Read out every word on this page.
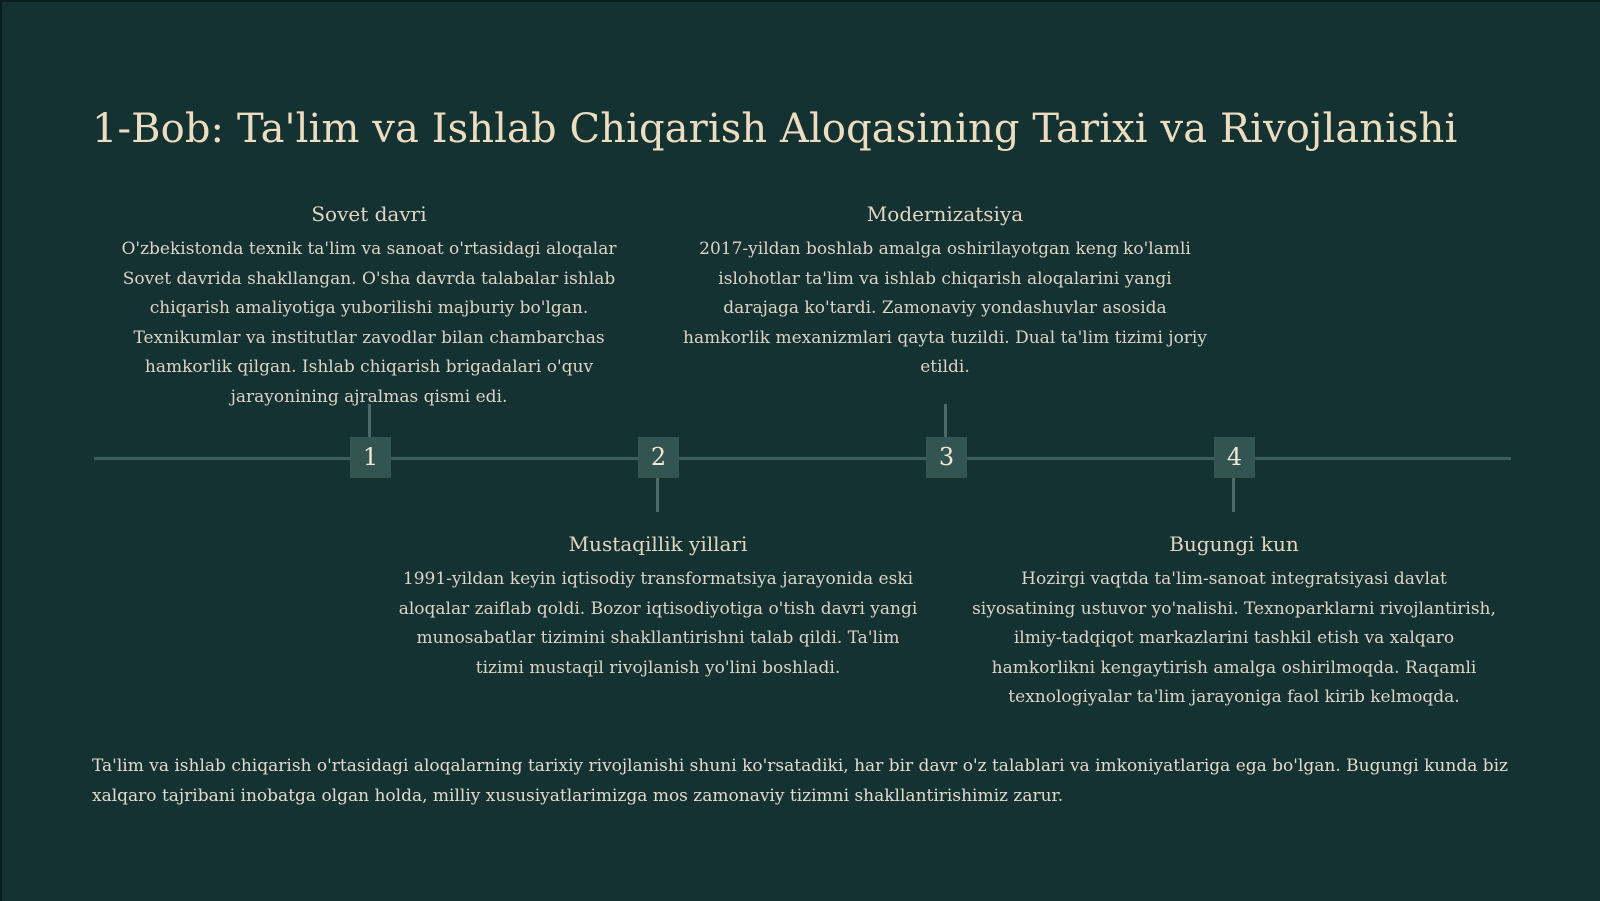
1-Bob: Ta'lim va Ishlab Chiqarish Aloqasining Tarixi va Rivojlanishi
1
Sovet davri
O'zbekistonda texnik ta'lim va sanoat o'rtasidagi aloqalar Sovet davrida shakllangan. O'sha davrda talabalar ishlab chiqarish amaliyotiga yuborilishi majburiy bo'lgan. Texnikumlar va institutlar zavodlar bilan chambarchas hamkorlik qilgan. Ishlab chiqarish brigadalari o'quv jarayonining ajralmas qismi edi.
2
Mustaqillik yillari
1991-yildan keyin iqtisodiy transformatsiya jarayonida eski aloqalar zaiflab qoldi. Bozor iqtisodiyotiga o'tish davri yangi munosabatlar tizimini shakllantirishni talab qildi. Ta'lim tizimi mustaqil rivojlanish yo'lini boshladi.
3
Modernizatsiya
2017-yildan boshlab amalga oshirilayotgan keng ko'lamli islohotlar ta'lim va ishlab chiqarish aloqalarini yangi darajaga ko'tardi. Zamonaviy yondashuvlar asosida hamkorlik mexanizmlari qayta tuzildi. Dual ta'lim tizimi joriy etildi.
4
Bugungi kun
Hozirgi vaqtda ta'lim-sanoat integratsiyasi davlat siyosatining ustuvor yo'nalishi. Texnoparklarni rivojlantirish, ilmiy-tadqiqot markazlarini tashkil etish va xalqaro hamkorlikni kengaytirish amalga oshirilmoqda. Raqamli texnologiyalar ta'lim jarayoniga faol kirib kelmoqda.

Ta'lim va ishlab chiqarish o'rtasidagi aloqalarning tarixiy rivojlanishi shuni ko'rsatadiki, har bir davr o'z talablari va imkoniyatlariga ega bo'lgan. Bugungi kunda biz xalqaro tajribani inobatga olgan holda, milliy xususiyatlarimizga mos zamonaviy tizimni shakllantirishimiz zarur.
